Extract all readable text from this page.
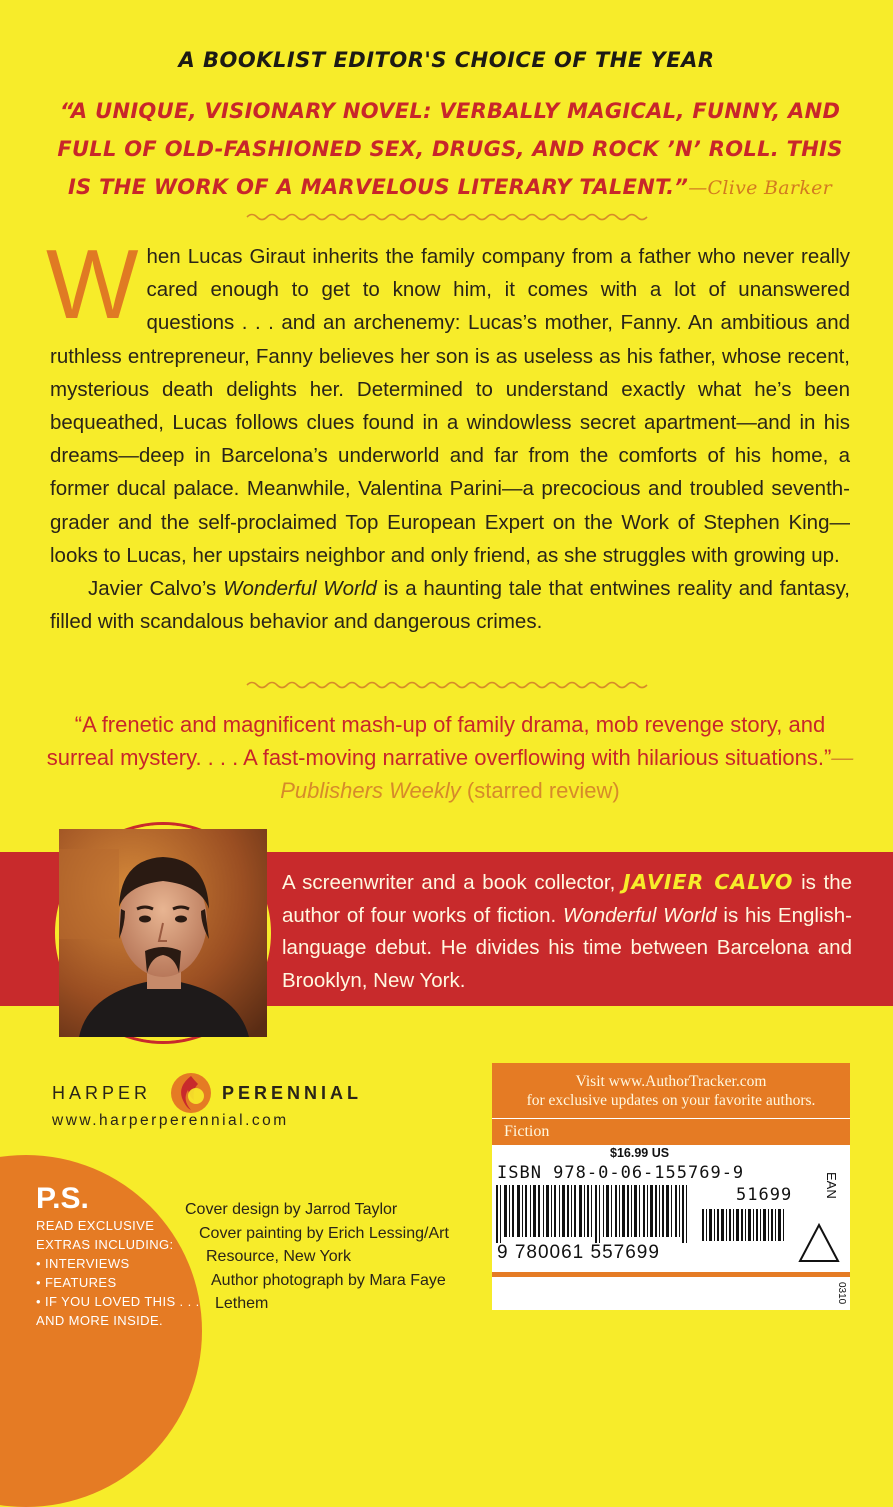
A BOOKLIST EDITOR'S CHOICE OF THE YEAR
“A UNIQUE, VISIONARY NOVEL: VERBALLY MAGICAL, FUNNY, AND FULL OF OLD-FASHIONED SEX, DRUGS, AND ROCK ’N’ ROLL. THIS IS THE WORK OF A MARVELOUS LITERARY TALENT.”—Clive Barker

When Lucas Giraut inherits the family company from a father who never really cared enough to get to know him, it comes with a lot of unanswered questions . . . and an archenemy: Lucas’s mother, Fanny. An ambitious and ruthless entrepreneur, Fanny believes her son is as useless as his father, whose recent, mysterious death delights her. Determined to understand exactly what he’s been bequeathed, Lucas follows clues found in a windowless secret apartment—and in his dreams—deep in Barcelona’s underworld and far from the comforts of his home, a former ducal palace. Meanwhile, Valentina Parini—a precocious and troubled seventh-grader and the self-proclaimed Top European Expert on the Work of Stephen King—looks to Lucas, her upstairs neighbor and only friend, as she struggles with growing up.

Javier Calvo’s Wonderful World is a haunting tale that entwines reality and fantasy, filled with scandalous behavior and dangerous crimes.

“A frenetic and magnificent mash-up of family drama, mob revenge story, and surreal mystery. . . . A fast-moving narrative overflowing with hilarious situations.”—Publishers Weekly (starred review)
A screenwriter and a book collector, JAVIER CALVO is the author of four works of fiction. Wonderful World is his English-language debut. He divides his time between Barcelona and Brooklyn, New York.
HARPER	PERENNIAL
www.harperperennial.com
P.S.
READ EXCLUSIVE
EXTRAS INCLUDING:
• INTERVIEWS
• FEATURES
• IF YOU LOVED THIS . . .
AND MORE INSIDE.
Cover design by Jarrod Taylor
Cover painting by Erich Lessing/Art
Resource, New York
Author photograph by Mara Faye
Lethem
Visit www.AuthorTracker.com
for exclusive updates on your favorite authors.
Fiction
$16.99 US
ISBN 978-0-06-155769-9
51699
9 780061 557699
EAN
0310
